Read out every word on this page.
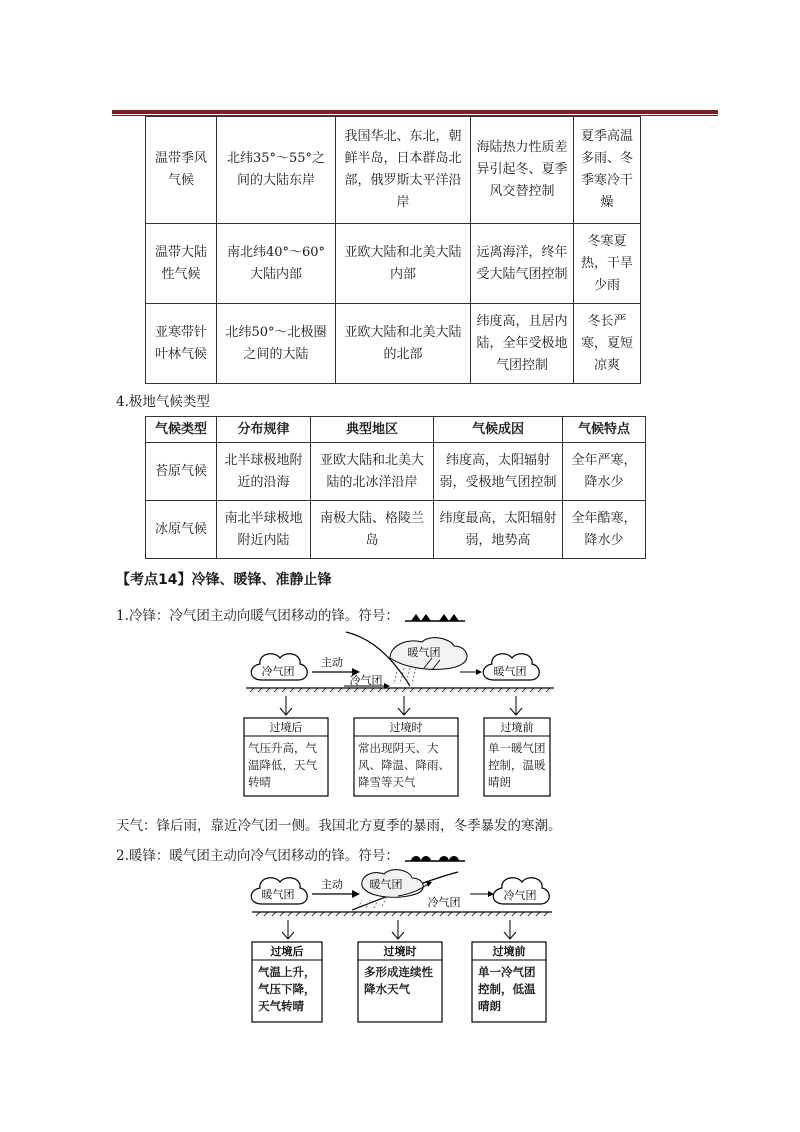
温带季风气候	北纬35°～55°之间的大陆东岸	我国华北、东北，朝鲜半岛，日本群岛北部，俄罗斯太平洋沿岸	海陆热力性质差异引起冬、夏季风交替控制	夏季高温多雨、冬季寒冷干燥
温带大陆性气候	南北纬40°～60°大陆内部	亚欧大陆和北美大陆内部	远离海洋，终年受大陆气团控制	冬寒夏热，干旱少雨
亚寒带针叶林气候	北纬50°～北极圈之间的大陆	亚欧大陆和北美大陆的北部	纬度高，且居内陆，全年受极地气团控制	冬长严寒，夏短凉爽
4.极地气候类型
气候类型	分布规律	典型地区	气候成因	气候特点
苔原气候	北半球极地附近的沿海	亚欧大陆和北美大陆的北冰洋沿岸	纬度高，太阳辐射弱，受极地气团控制	全年严寒，降水少
冰原气候	南北半球极地附近内陆	南极大陆、格陵兰岛	纬度最高，太阳辐射弱，地势高	全年酷寒，降水少
【考点14】冷锋、暖锋、准静止锋
1.冷锋：冷气团主动向暖气团移动的锋。符号：
冷气团
主动
暖气团
冷气团
暖气团
过境后	过境时	过境前
气压升高，气温降低，天气转晴
常出现阴天、大风、降温、降雨、降雪等天气
单一暖气团控制，温暖晴朗
天气：锋后雨，靠近冷气团一侧。我国北方夏季的暴雨，冬季暴发的寒潮。
2.暖锋：暖气团主动向冷气团移动的锋。符号：
暖气团
主动 暖气团
冷气团
冷气团
过境后	过境时	过境前
气温上升，气压下降，天气转晴
多形成连续性降水天气
单一冷气团控制，低温晴朗
